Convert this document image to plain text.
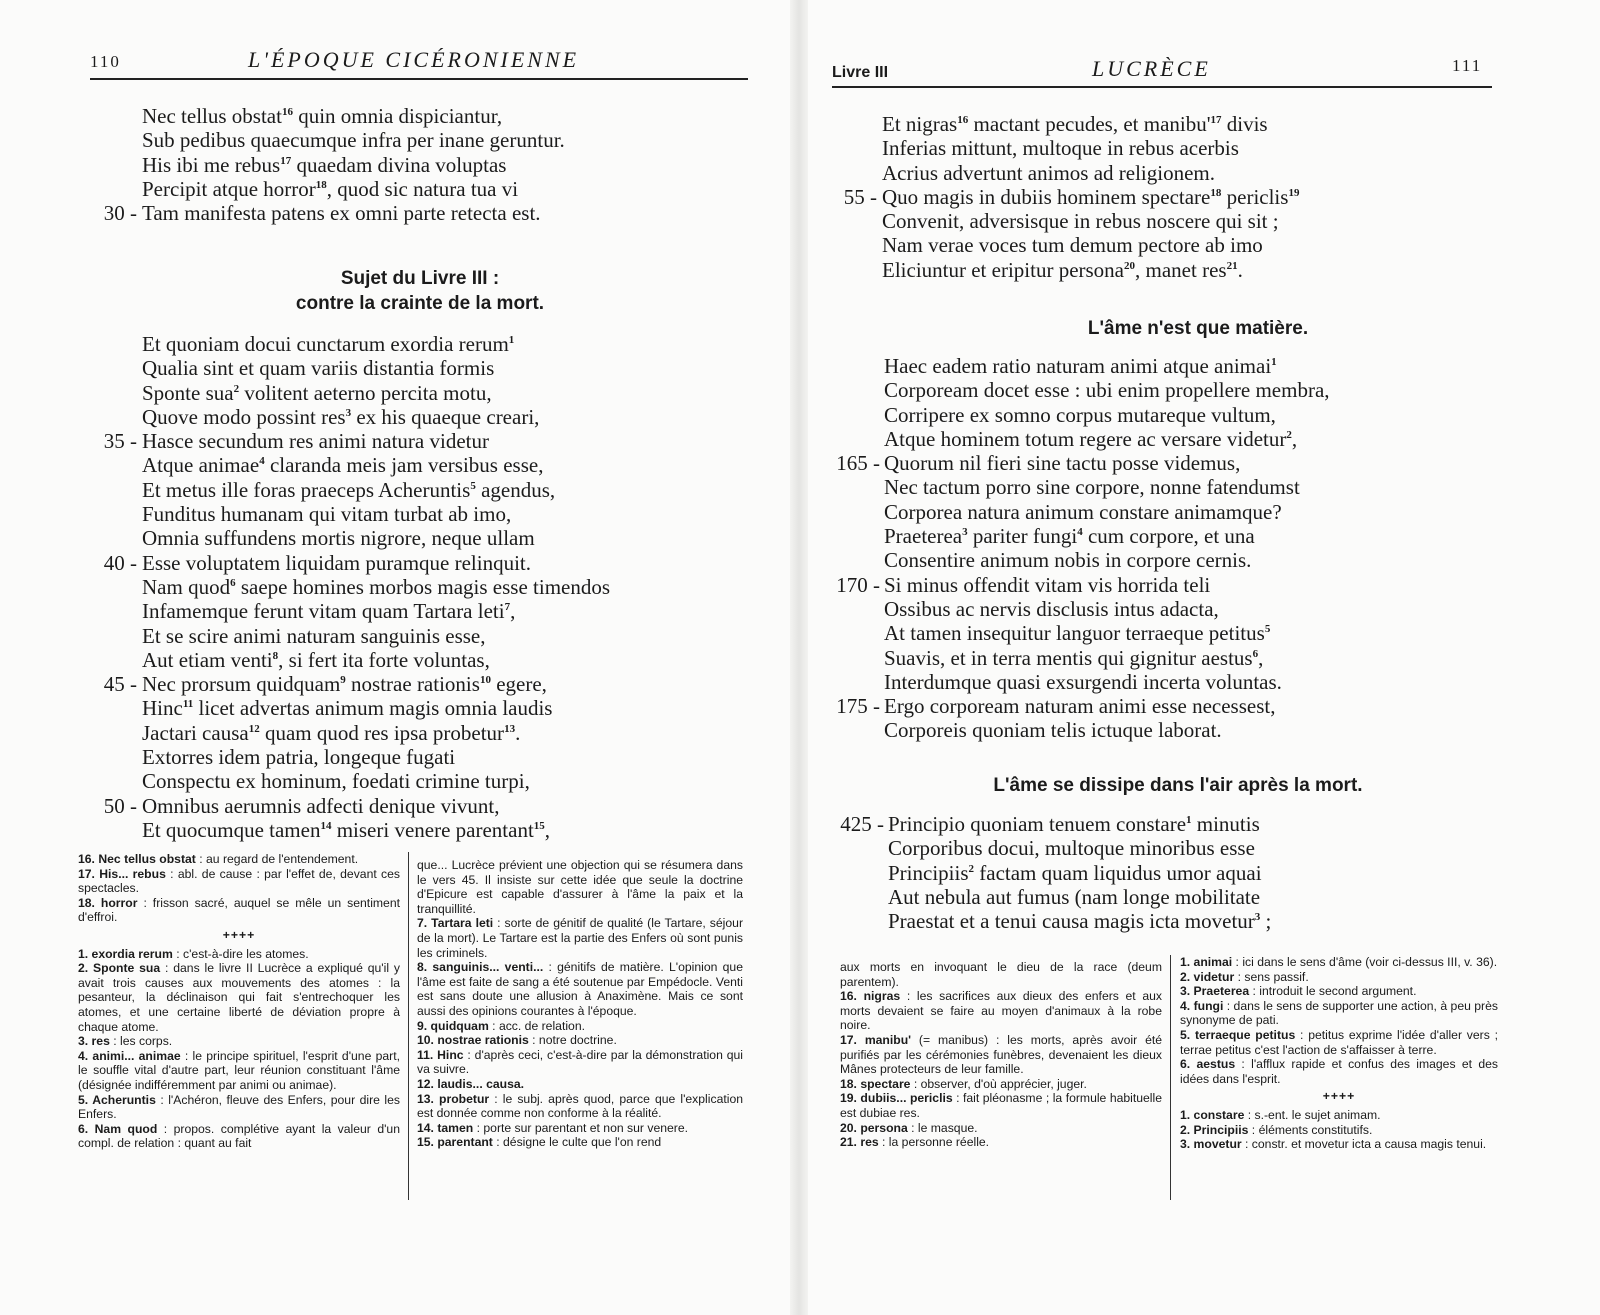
110	L'ÉPOQUE CICÉRONIENNE
Nec tellus obstat$^{16}$ quin omnia dispiciantur,
Sub pedibus quaecumque infra per inane geruntur.
His ibi me rebus$^{17}$ quaedam divina voluptas
Percipit atque horror$^{18}$, quod sic natura tua vi
30 - Tam manifesta patens ex omni parte retecta est.
Sujet du Livre III :
contre la crainte de la mort.
Et quoniam docui cunctarum exordia rerum$^1$
Qualia sint et quam variis distantia formis
Sponte sua$^2$ volitent aeterno percita motu,
Quove modo possint res$^3$ ex his quaeque creari,
35 - Hasce secundum res animi natura videtur
Atque animae$^4$ claranda meis jam versibus esse,
Et metus ille foras praeceps Acheruntis$^5$ agendus,
Funditus humanam qui vitam turbat ab imo,
Omnia suffundens mortis nigrore, neque ullam
40 - Esse voluptatem liquidam puramque relinquit.
Nam quod$^6$ saepe homines morbos magis esse timendos
Infamemque ferunt vitam quam Tartara leti$^7$,
Et se scire animi naturam sanguinis esse,
Aut etiam venti$^8$, si fert ita forte voluntas,
45 - Nec prorsum quidquam$^9$ nostrae rationis$^{10}$ egere,
Hinc$^{11}$ licet advertas animum magis omnia laudis
Jactari causa$^{12}$ quam quod res ipsa probetur$^{13}$.
Extorres idem patria, longeque fugati
Conspectu ex hominum, foedati crimine turpi,
50 - Omnibus aerumnis adfecti denique vivunt,
Et quocumque tamen$^{14}$ miseri venere parentant$^{15}$,

16. Nec tellus obstat : au regard de l'entendement.

17. His... rebus : abl. de cause : par l'effet de, devant ces spectacles.

18. horror : frisson sacré, auquel se mêle un sentiment d'effroi.

++++

1. exordia rerum : c'est-à-dire les atomes.

2. Sponte sua : dans le livre II Lucrèce a expliqué qu'il y avait trois causes aux mouvements des atomes : la pesanteur, la déclinaison qui fait s'entrechoquer les atomes, et une certaine liberté de déviation propre à chaque atome.

3. res : les corps.

4. animi... animae : le principe spirituel, l'esprit d'une part, le souffle vital d'autre part, leur réunion constituant l'âme (désignée indifféremment par animi ou animae).

5. Acheruntis : l'Achéron, fleuve des Enfers, pour dire les Enfers.

6. Nam quod : propos. complétive ayant la valeur d'un compl. de relation : quant au fait

que... Lucrèce prévient une objection qui se résumera dans le vers 45. Il insiste sur cette idée que seule la doctrine d'Epicure est capable d'assurer à l'âme la paix et la tranquillité.

7. Tartara leti : sorte de génitif de qualité (le Tartare, séjour de la mort). Le Tartare est la partie des Enfers où sont punis les criminels.

8. sanguinis... venti... : génitifs de matière. L'opinion que l'âme est faite de sang a été soutenue par Empédocle. Venti est sans doute une allusion à Anaximène. Mais ce sont aussi des opinions courantes à l'époque.

9. quidquam : acc. de relation.

10. nostrae rationis : notre doctrine.

11. Hinc : d'après ceci, c'est-à-dire par la démonstration qui va suivre.

12. laudis... causa.

13. probetur : le subj. après quod, parce que l'explication est donnée comme non conforme à la réalité.

14. tamen : porte sur parentant et non sur venere.

15. parentant : désigne le culte que l'on rend

Livre III	LUCRÈCE	111
Et nigras$^{16}$ mactant pecudes, et $manibu'^{17}$ divis
Inferias mittunt, multoque in rebus acerbis
Acrius advertunt animos ad religionem.
55 - Quo magis in dubiis hominem spectare$^{18}$ periclis$^{19}$
Convenit, adversisque in rebus noscere qui sit ;
Nam verae voces tum demum pectore ab imo
Eliciuntur et eripitur persona$^{20}$, manet res$^{21}$.
L'âme n'est que matière.
Haec eadem ratio naturam animi atque animai$^1$
Corpoream docet esse : ubi enim propellere membra,
Corripere ex somno corpus mutareque vultum,
Atque hominem totum regere ac versare videtur$^2$,
165 - Quorum nil fieri sine tactu posse videmus,
Nec tactum porro sine corpore, nonne fatendumst
Corporea natura animum constare animamque?
Praeterea$^3$ pariter fungi$^4$ cum corpore, et una
Consentire animum nobis in corpore cernis.
170 - Si minus offendit vitam vis horrida teli
Ossibus ac nervis disclusis intus adacta,
At tamen insequitur languor terraeque petitus$^5$
Suavis, et in terra mentis qui gignitur aestus$^6$,
Interdumque quasi exsurgendi incerta voluntas.
175 - Ergo corpoream naturam animi esse necessest,
Corporeis quoniam telis ictuque laborat.
L'âme se dissipe dans l'air après la mort.
425 - Principio quoniam tenuem constare$^1$ minutis
Corporibus docui, multoque minoribus esse
Principiis$^2$ factam quam liquidus umor aquai
Aut nebula aut fumus (nam longe mobilitate
Praestat et a tenui causa magis icta movetur$^3$ ;

aux morts en invoquant le dieu de la race (deum parentem).

16. nigras : les sacrifices aux dieux des enfers et aux morts devaient se faire au moyen d'animaux à la robe noire.

17. manibu' (= manibus) : les morts, après avoir été purifiés par les cérémonies funèbres, devenaient les dieux Mânes protecteurs de leur famille.

18. spectare : observer, d'où apprécier, juger.

19. dubiis... periclis : fait pléonasme ; la formule habituelle est dubiae res.

20. persona : le masque.

21. res : la personne réelle.

1. animai : ici dans le sens d'âme (voir ci-dessus III, v. 36).

2. videtur : sens passif.

3. Praeterea : introduit le second argument.

4. fungi : dans le sens de supporter une action, à peu près synonyme de pati.

5. terraeque petitus : petitus exprime l'idée d'aller vers ; terrae petitus c'est l'action de s'affaisser à terre.

6. aestus : l'afflux rapide et confus des images et des idées dans l'esprit.

++++

1. constare : s.-ent. le sujet animam.

2. Principiis : éléments constitutifs.

3. movetur : constr. et movetur icta a causa magis tenui.
